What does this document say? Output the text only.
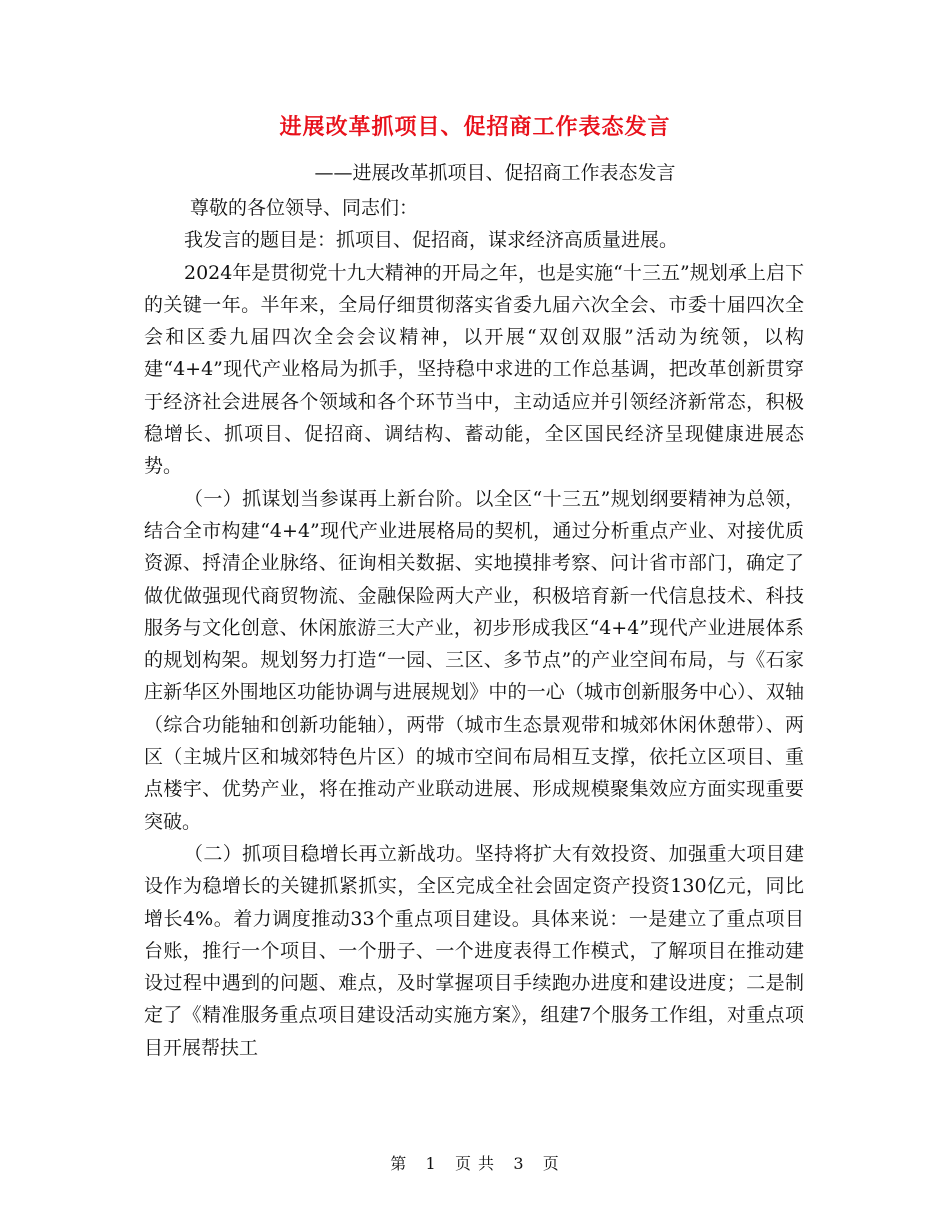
进展改革抓项目、促招商工作表态发言
——进展改革抓项目、促招商工作表态发言

尊敬的各位领导、同志们：

我发言的题目是：抓项目、促招商，谋求经济高质量进展。

2024年是贯彻党十九大精神的开局之年，也是实施“十三五”规划承上启下的关键一年。半年来，全局仔细贯彻落实省委九届六次全会、市委十届四次全会和区委九届四次全会会议精神，以开展“双创双服”活动为统领，以构建“4+4”现代产业格局为抓手，坚持稳中求进的工作总基调，把改革创新贯穿于经济社会进展各个领域和各个环节当中，主动适应并引领经济新常态，积极稳增长、抓项目、促招商、调结构、蓄动能，全区国民经济呈现健康进展态势。

（一）抓谋划当参谋再上新台阶。以全区“十三五”规划纲要精神为总领，结合全市构建“4+4”现代产业进展格局的契机，通过分析重点产业、对接优质资源、捋清企业脉络、征询相关数据、实地摸排考察、问计省市部门，确定了做优做强现代商贸物流、金融保险两大产业，积极培育新一代信息技术、科技服务与文化创意、休闲旅游三大产业，初步形成我区“4+4”现代产业进展体系的规划构架。规划努力打造“一园、三区、多节点”的产业空间布局，与《石家庄新华区外围地区功能协调与进展规划》中的一心（城市创新服务中心）、双轴（综合功能轴和创新功能轴），两带（城市生态景观带和城郊休闲休憩带）、两区（主城片区和城郊特色片区）的城市空间布局相互支撑，依托立区项目、重点楼宇、优势产业，将在推动产业联动进展、形成规模聚集效应方面实现重要突破。

（二）抓项目稳增长再立新战功。坚持将扩大有效投资、加强重大项目建设作为稳增长的关键抓紧抓实，全区完成全社会固定资产投资130亿元，同比增长4%。着力调度推动33个重点项目建设。具体来说：一是建立了重点项目台账，推行一个项目、一个册子、一个进度表得工作模式，了解项目在推动建设过程中遇到的问题、难点，及时掌握项目手续跑办进度和建设进度；二是制定了《精准服务重点项目建设活动实施方案》，组建7个服务工作组，对重点项目开展帮扶工

第 1 页 共 3 页
